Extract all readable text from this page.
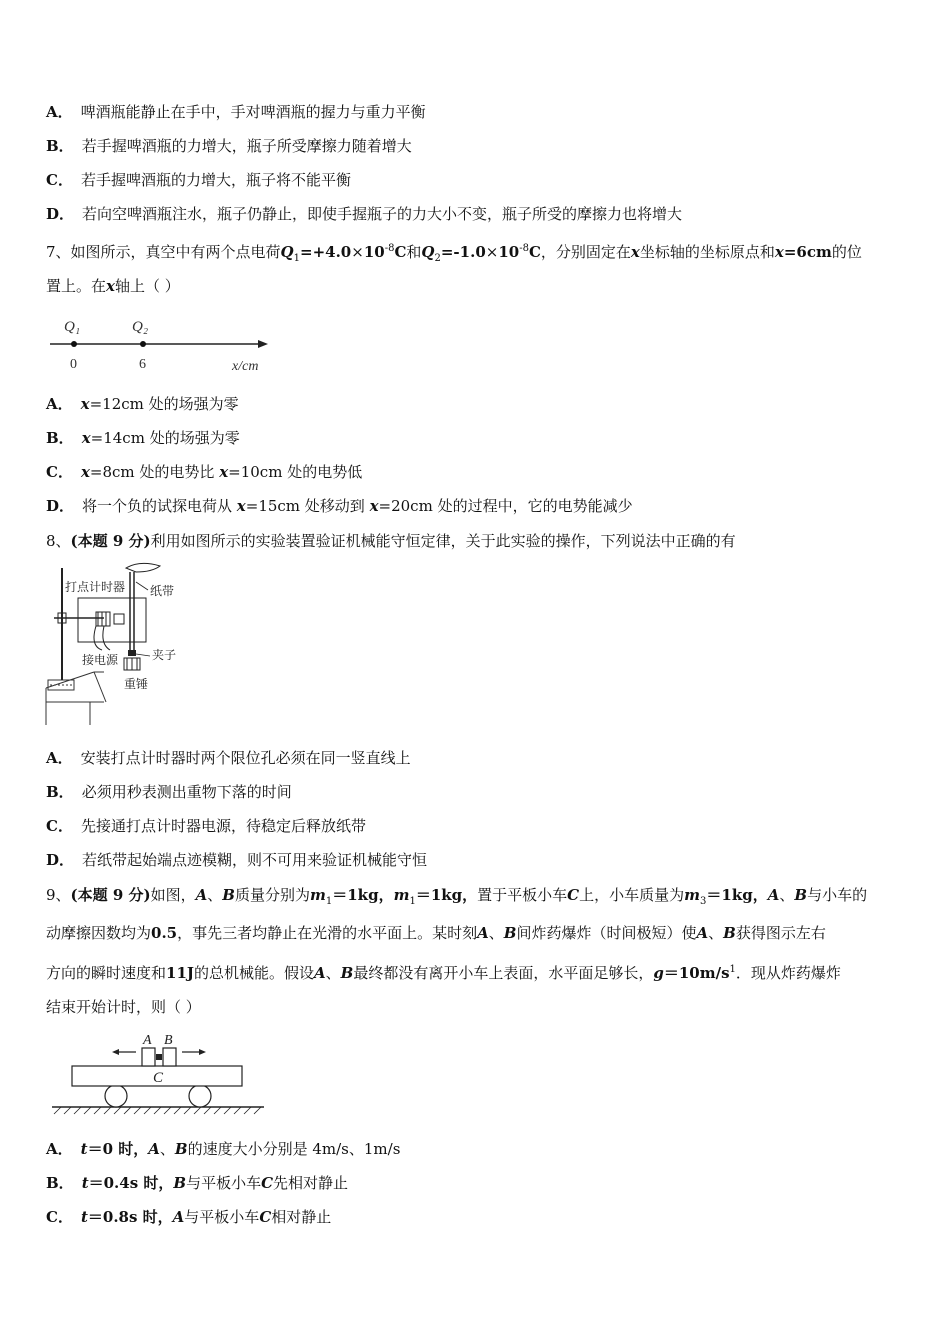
A． 啤酒瓶能静止在手中，手对啤酒瓶的握力与重力平衡
B． 若手握啤酒瓶的力增大，瓶子所受摩擦力随着增大
C． 若手握啤酒瓶的力增大，瓶子将不能平衡
D． 若向空啤酒瓶注水，瓶子仍静止，即使手握瓶子的力大小不变，瓶子所受的摩擦力也将增大
7、如图所示，真空中有两个点电荷$Q_1=+4.0\times 10^{-8}C$和$Q_2=-1.0\times 10^{-8}C$，分别固定在x坐标轴的坐标原点和x=6cm的位
置上。在x轴上（ ）
Q₁	Q₂
0	6	x/cm
A． x=12cm 处的场强为零
B． x=14cm 处的场强为零
C． x=8cm 处的电势比 x=10cm 处的电势低
D． 将一个负的试探电荷从 x=15cm 处移动到 x=20cm 处的过程中，它的电势能减少
8、(本题 9 分)利用如图所示的实验装置验证机械能守恒定律，关于此实验的操作，下列说法中正确的有
打点计时器 纸带
接电源	夹子
重锤
A． 安装打点计时器时两个限位孔必须在同一竖直线上
B． 必须用秒表测出重物下落的时间
C． 先接通打点计时器电源，待稳定后释放纸带
D． 若纸带起始端点迹模糊，则不可用来验证机械能守恒
9、(本题 9 分)如图，A、B质量分别为$m_1=1kg$，$m_1=1kg$，置于平板小车C上，小车质量为$m_3=1kg$，A、B与小车的
动摩擦因数均为0.5，事先三者均静止在光滑的水平面上。某时刻A、B间炸药爆炸（时间极短）使A、B获得图示左右
方向的瞬时速度和11J的总机械能。假设A、B最终都没有离开小车上表面，水平面足够长，$g=10m/s^1$．现从炸药爆炸
结束开始计时，则（ ）
A B
C
A． t＝0 时，A、B的速度大小分别是 4m/s、1m/s
B． t＝0.4s 时，B与平板小车C先相对静止
C． t＝0.8s 时，A与平板小车C相对静止
